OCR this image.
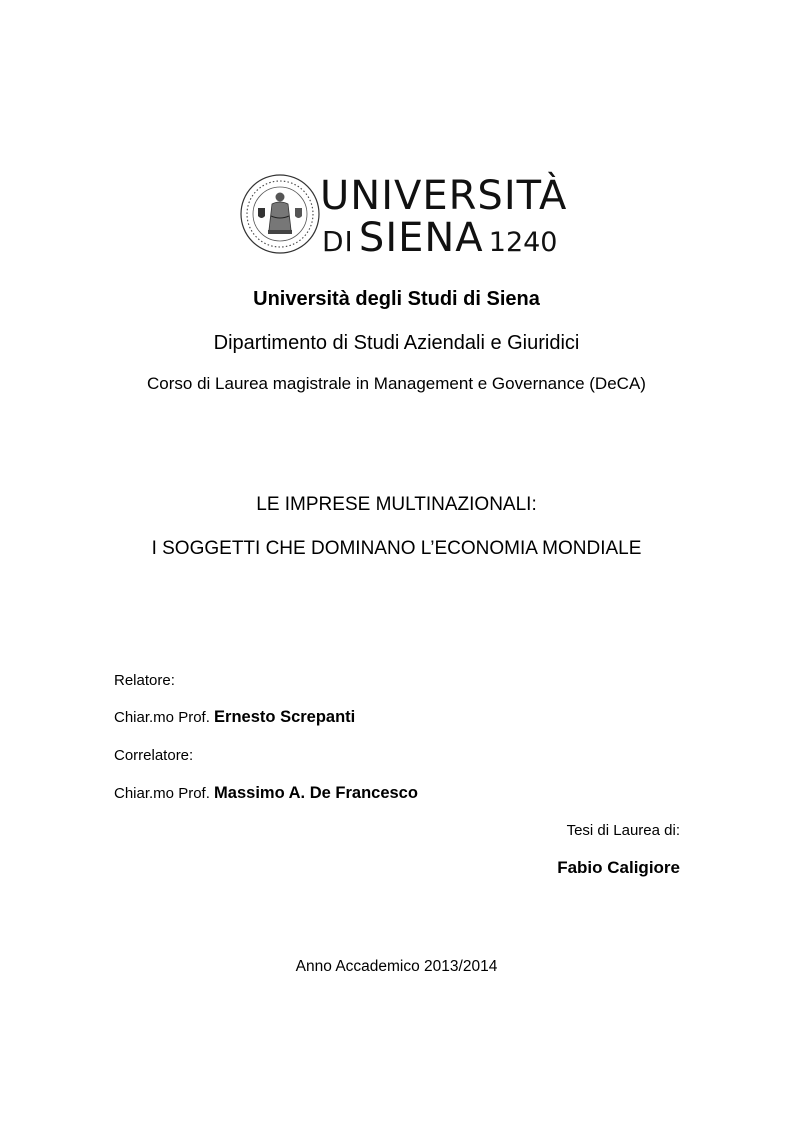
UNIVERSITÀ
DI SIENA 1240
Università degli Studi di Siena
Dipartimento di Studi Aziendali e Giuridici
Corso di Laurea magistrale in Management e Governance (DeCA)
LE IMPRESE MULTINAZIONALI:
I SOGGETTI CHE DOMINANO L’ECONOMIA MONDIALE
Relatore:
Chiar.mo Prof. Ernesto Screpanti
Correlatore:
Chiar.mo Prof. Massimo A. De Francesco
Tesi di Laurea di:
Fabio Caligiore
Anno Accademico 2013/2014
